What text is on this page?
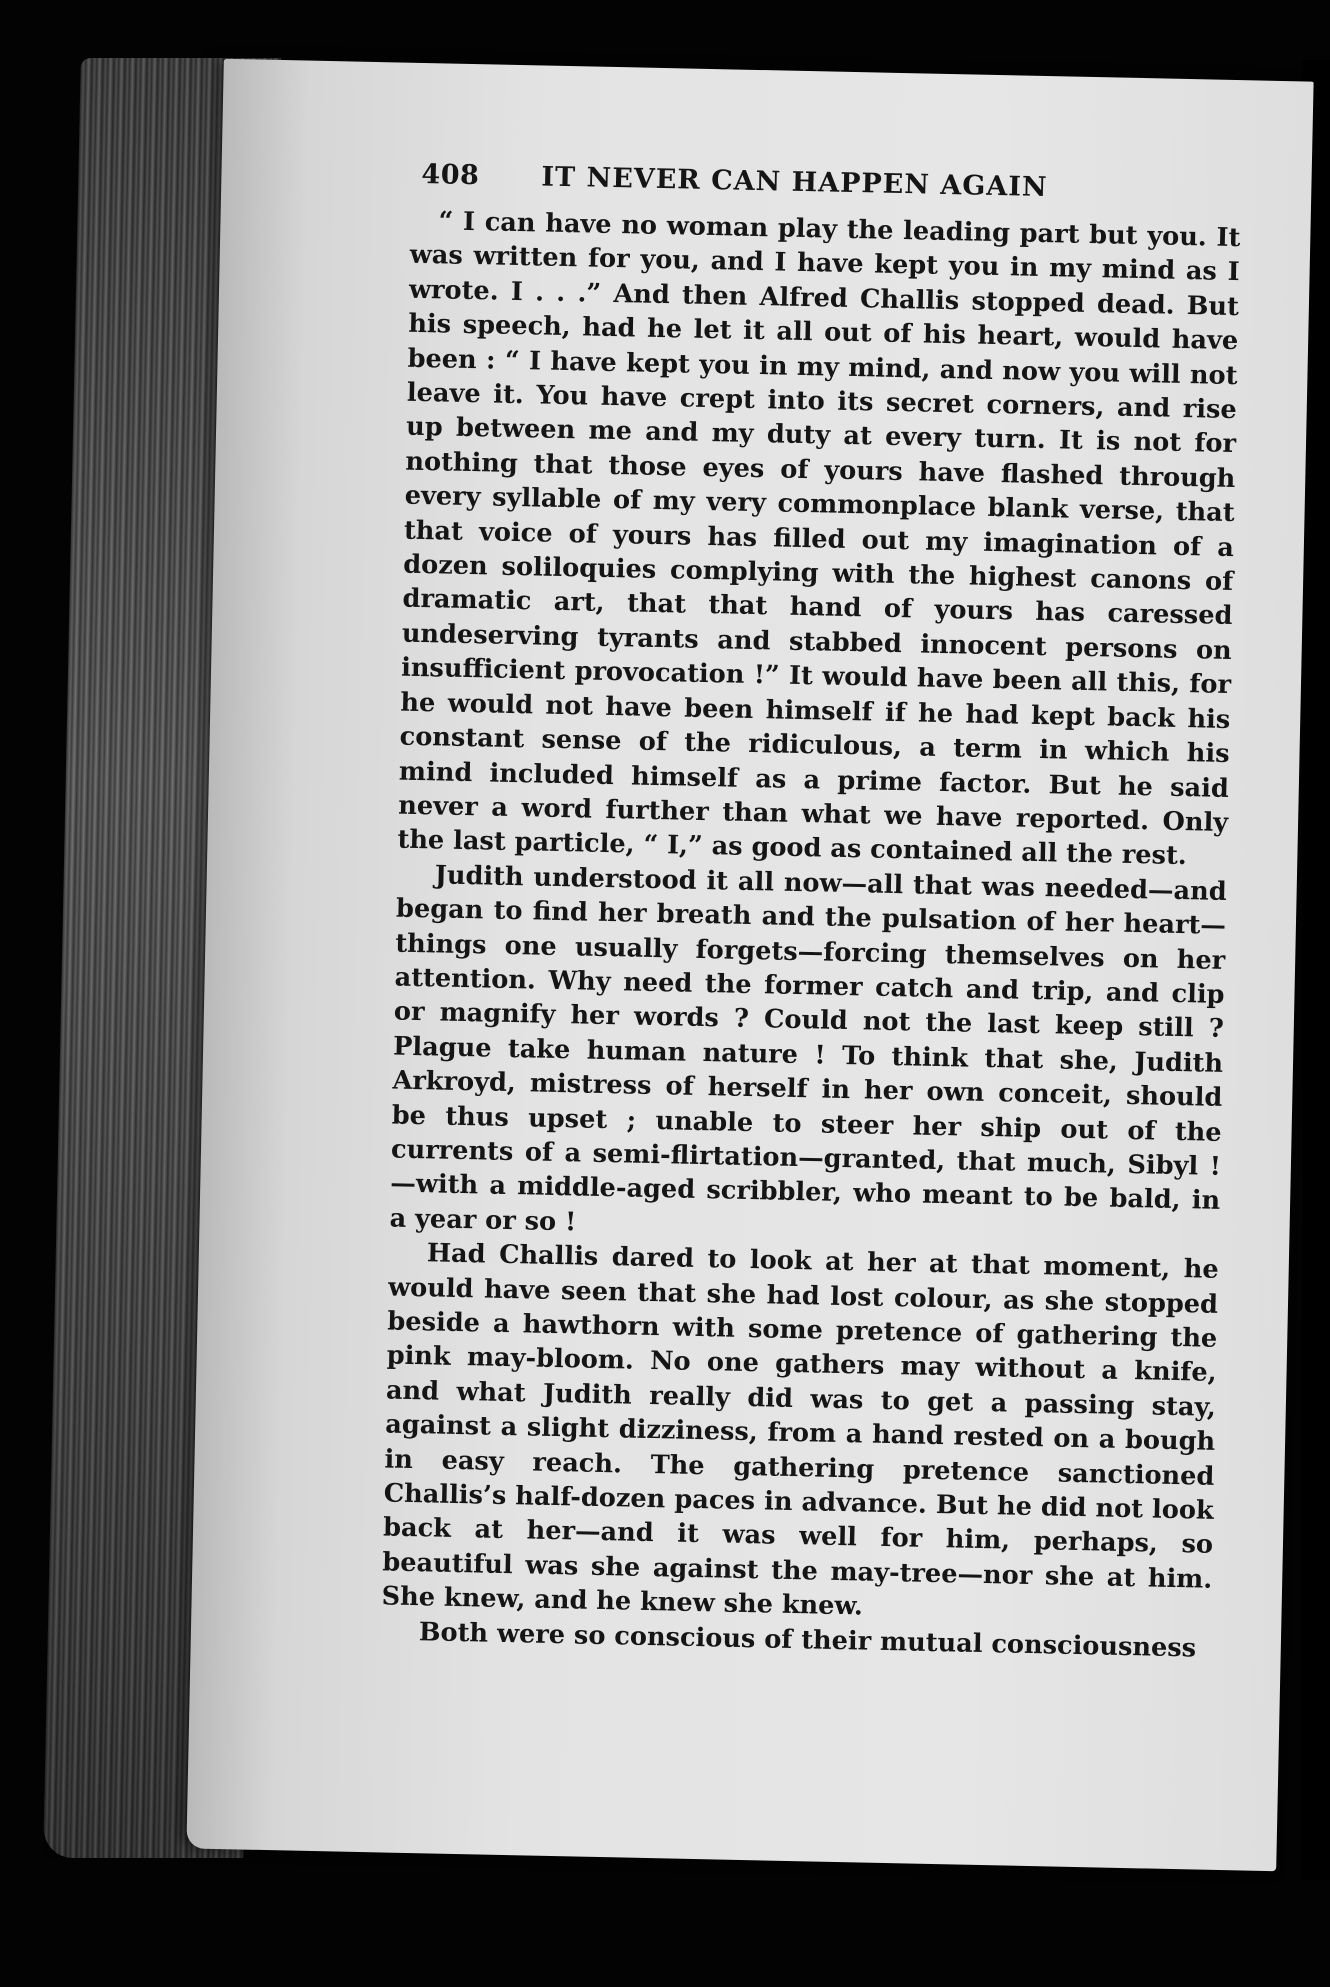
408	IT NEVER CAN HAPPEN AGAIN

“ I can have no woman play the leading part but you. It was written for you, and I have kept you in my mind as I wrote. I . . .” And then Alfred Challis stopped dead. But his speech, had he let it all out of his heart, would have been : “ I have kept you in my mind, and now you will not leave it. You have crept into its secret corners, and rise up between me and my duty at every turn. It is not for nothing that those eyes of yours have flashed through every syllable of my very commonplace blank verse, that that voice of yours has filled out my imagination of a dozen soliloquies complying with the highest canons of dramatic art, that that hand of yours has caressed undeserving tyrants and stabbed innocent persons on insufficient provocation !” It would have been all this, for he would not have been himself if he had kept back his constant sense of the ridiculous, a term in which his mind included himself as a prime factor. But he said never a word further than what we have reported. Only the last particle, “ I,” as good as contained all the rest.

Judith understood it all now—all that was needed—and began to find her breath and the pulsation of her heart—things one usually forgets—forcing themselves on her attention. Why need the former catch and trip, and clip or magnify her words ? Could not the last keep still ? Plague take human nature ! To think that she, Judith Arkroyd, mistress of herself in her own conceit, should be thus upset ; unable to steer her ship out of the currents of a semi-flirtation—granted, that much, Sibyl !—with a middle-aged scribbler, who meant to be bald, in a year or so !

Had Challis dared to look at her at that moment, he would have seen that she had lost colour, as she stopped beside a hawthorn with some pretence of gathering the pink may-bloom. No one gathers may without a knife, and what Judith really did was to get a passing stay, against a slight dizziness, from a hand rested on a bough in easy reach. The gathering pretence sanctioned Challis’s half-dozen paces in advance. But he did not look back at her—and it was well for him, perhaps, so beautiful was she against the may-tree—nor she at him. She knew, and he knew she knew.

Both were so conscious of their mutual consciousness
